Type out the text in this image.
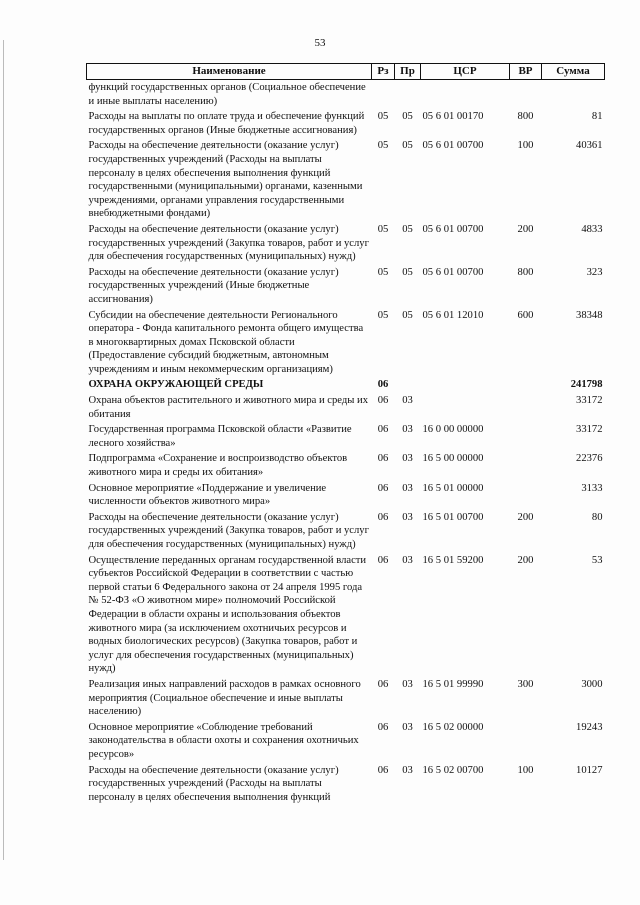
53
Наименование	Рз	Пр	ЦСР	ВР	Сумма
функций государственных органов (Социальное обеспечение и иные выплаты населению)					
Расходы на выплаты по оплате труда и обеспечение функций государственных органов (Иные бюджетные ассигнования)	05	05	05 6 01 00170	800	81
Расходы на обеспечение деятельности (оказание услуг) государственных учреждений (Расходы на выплаты персоналу в целях обеспечения выполнения функций государственными (муниципальными) органами, казенными учреждениями, органами управления государственными внебюджетными фондами)	05	05	05 6 01 00700	100	40361
Расходы на обеспечение деятельности (оказание услуг) государственных учреждений (Закупка товаров, работ и услуг для обеспечения государственных (муниципальных) нужд)	05	05	05 6 01 00700	200	4833
Расходы на обеспечение деятельности (оказание услуг) государственных учреждений (Иные бюджетные ассигнования)	05	05	05 6 01 00700	800	323
Субсидии на обеспечение деятельности Регионального оператора - Фонда капитального ремонта общего имущества в многоквартирных домах Псковской области (Предоставление субсидий бюджетным, автономным учреждениям и иным некоммерческим организациям)	05	05	05 6 01 12010	600	38348
ОХРАНА ОКРУЖАЮЩЕЙ СРЕДЫ	06				241798
Охрана объектов растительного и животного мира и среды их обитания	06	03			33172
Государственная программа Псковской области «Развитие лесного хозяйства»	06	03	16 0 00 00000		33172
Подпрограмма «Сохранение и воспроизводство объектов животного мира и среды их обитания»	06	03	16 5 00 00000		22376
Основное мероприятие «Поддержание и увеличение численности объектов животного мира»	06	03	16 5 01 00000		3133
Расходы на обеспечение деятельности (оказание услуг) государственных учреждений (Закупка товаров, работ и услуг для обеспечения государственных (муниципальных) нужд)	06	03	16 5 01 00700	200	80
Осуществление переданных органам государственной власти субъектов Российской Федерации в соответствии с частью первой статьи 6 Федерального закона от 24 апреля 1995 года № 52-ФЗ «О животном мире» полномочий Российской Федерации в области охраны и использования объектов животного мира (за исключением охотничьих ресурсов и водных биологических ресурсов) (Закупка товаров, работ и услуг для обеспечения государственных (муниципальных) нужд)	06	03	16 5 01 59200	200	53
Реализация иных направлений расходов в рамках основного мероприятия (Социальное обеспечение и иные выплаты населению)	06	03	16 5 01 99990	300	3000
Основное мероприятие «Соблюдение требований законодательства в области охоты и сохранения охотничьих ресурсов»	06	03	16 5 02 00000		19243
Расходы на обеспечение деятельности (оказание услуг) государственных учреждений (Расходы на выплаты персоналу в целях обеспечения выполнения функций	06	03	16 5 02 00700	100	10127
